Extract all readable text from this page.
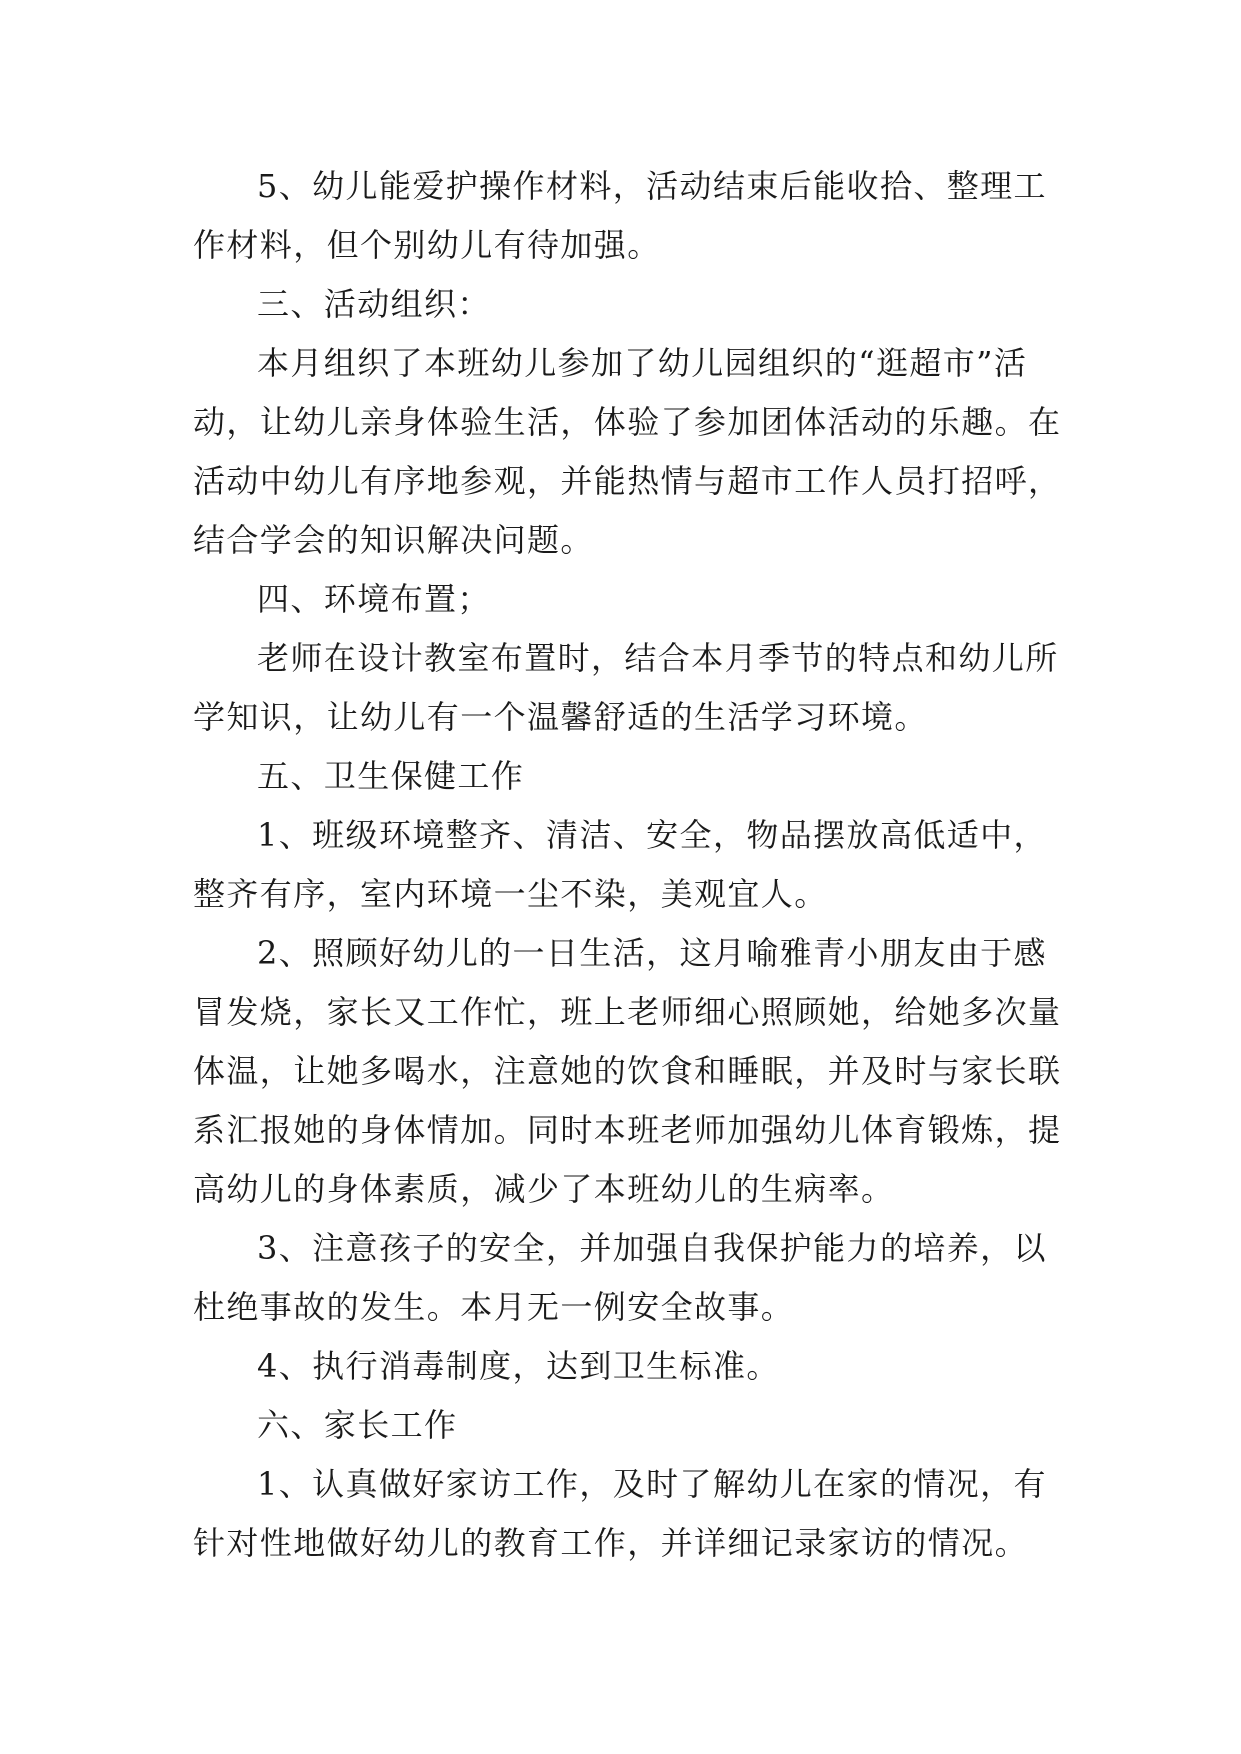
5、幼儿能爱护操作材料，活动结束后能收拾、整理工
作材料，但个别幼儿有待加强。
三、活动组织：
本月组织了本班幼儿参加了幼儿园组织的“逛超市”活
动，让幼儿亲身体验生活，体验了参加团体活动的乐趣。在
活动中幼儿有序地参观，并能热情与超市工作人员打招呼，
结合学会的知识解决问题。
四、环境布置；
老师在设计教室布置时，结合本月季节的特点和幼儿所
学知识，让幼儿有一个温馨舒适的生活学习环境。
五、卫生保健工作
1、班级环境整齐、清洁、安全，物品摆放高低适中，
整齐有序，室内环境一尘不染，美观宜人。
2、照顾好幼儿的一日生活，这月喻雅青小朋友由于感
冒发烧，家长又工作忙，班上老师细心照顾她，给她多次量
体温，让她多喝水，注意她的饮食和睡眠，并及时与家长联
系汇报她的身体情加。同时本班老师加强幼儿体育锻炼，提
高幼儿的身体素质，减少了本班幼儿的生病率。
3、注意孩子的安全，并加强自我保护能力的培养，以
杜绝事故的发生。本月无一例安全故事。
4、执行消毒制度，达到卫生标准。
六、家长工作
1、认真做好家访工作，及时了解幼儿在家的情况，有
针对性地做好幼儿的教育工作，并详细记录家访的情况。
